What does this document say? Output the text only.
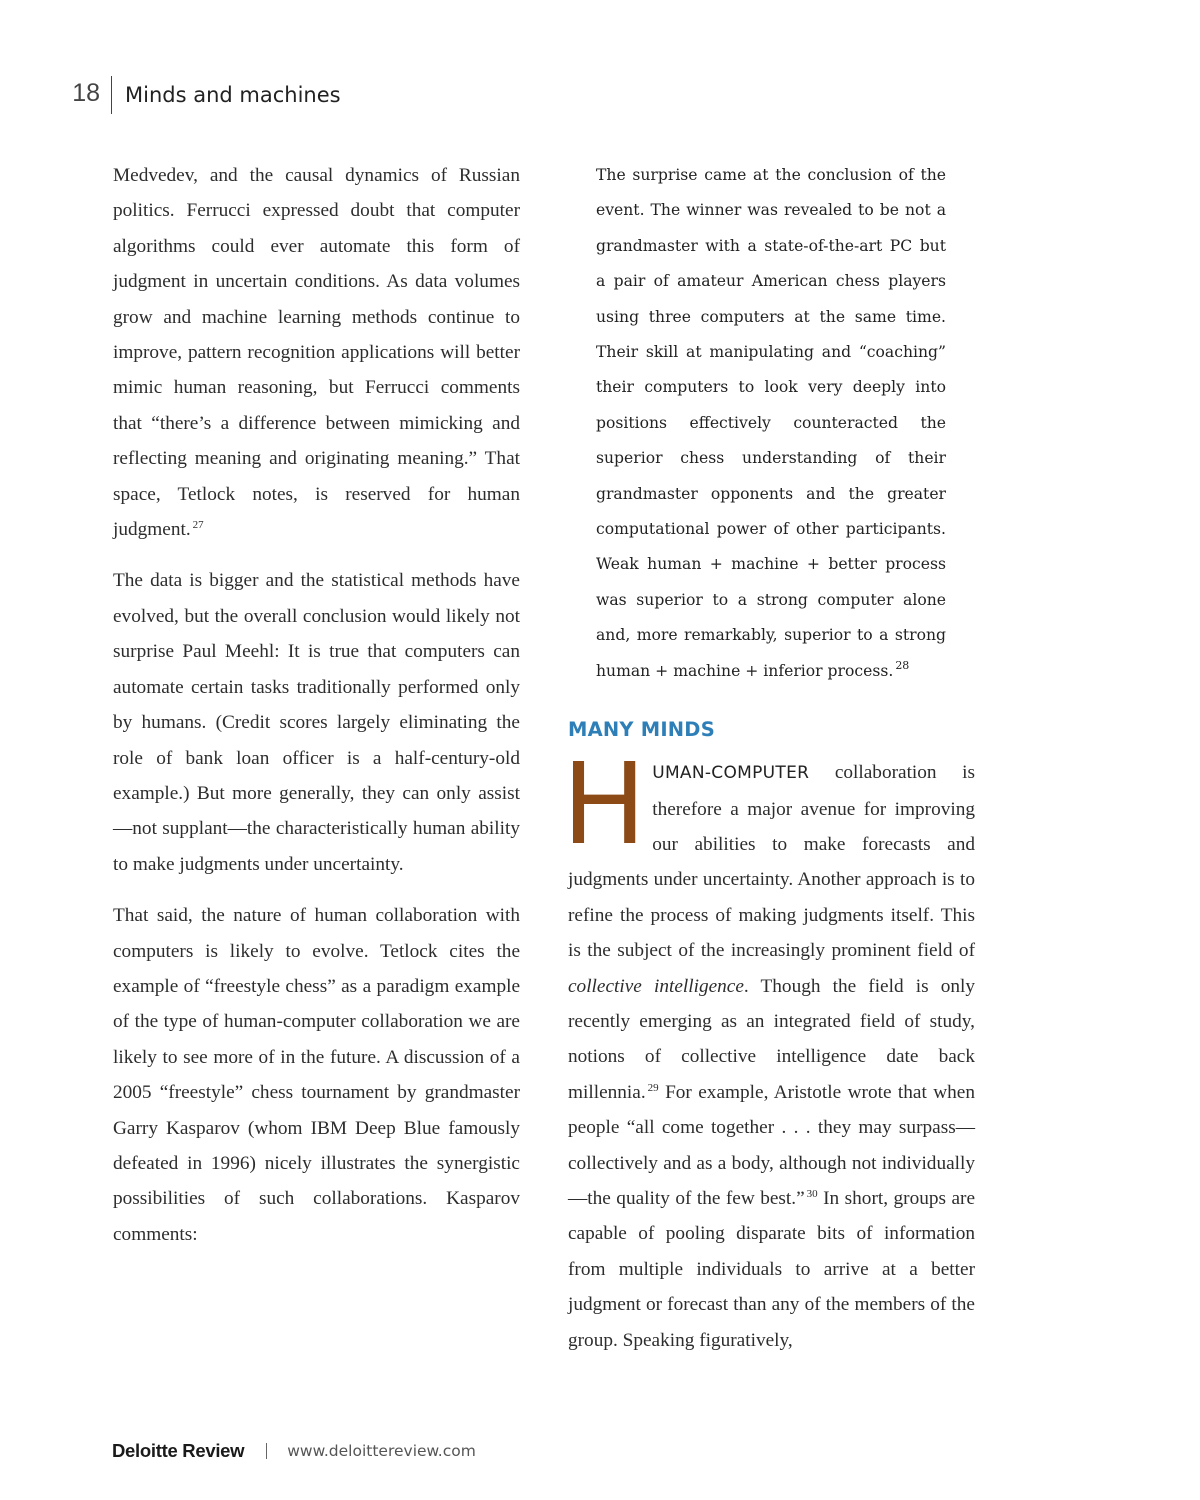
18 Minds and machines

Medvedev, and the causal dynamics of Russian politics. Ferrucci expressed doubt that computer algorithms could ever automate this form of judgment in uncertain conditions. As data volumes grow and machine learning methods continue to improve, pattern recognition applications will better mimic human reasoning, but Ferrucci comments that “there’s a difference between mimicking and reflecting meaning and originating meaning.” That space, Tetlock notes, is reserved for human judgment. $^{27}$

The data is bigger and the statistical methods have evolved, but the overall conclusion would likely not surprise Paul Meehl: It is true that computers can automate certain tasks traditionally performed only by humans. (Credit scores largely eliminating the role of bank loan officer is a half-century-old example.) But more generally, they can only assist—not supplant—the characteristically human ability to make judgments under uncertainty.

That said, the nature of human collaboration with computers is likely to evolve. Tetlock cites the example of “freestyle chess” as a paradigm example of the type of human-computer collaboration we are likely to see more of in the future. A discussion of a 2005 “freestyle” chess tournament by grandmaster Garry Kasparov (whom IBM Deep Blue famously defeated in 1996) nicely illustrates the synergistic possibilities of such collaborations. Kasparov comments:

The surprise came at the conclusion of the event. The winner was revealed to be not a grandmaster with a state-of-the-art PC but a pair of amateur American chess players using three computers at the same time. Their skill at manipulating and “coaching” their computers to look very deeply into positions effectively counteracted the superior chess understanding of their grandmaster opponents and the greater computational power of other participants. Weak human + machine + better process was superior to a strong computer alone and, more remarkably, superior to a strong human + machine + inferior process. $^{28}$
MANY MINDS
H UMAN-COMPUTER collaboration is therefore a major avenue for improving our abilities to make forecasts and judgments under uncertainty. Another approach is to refine the process of making judgments itself. This is the subject of the increasingly prominent field of collective intelligence. Though the field is only recently emerging as an integrated field of study, notions of collective intelligence date back millennia. $^{29}$ For example, Aristotle wrote that when people “all come together . . . they may surpass—collectively and as a body, although not individually—the quality of the few best.” $^{30}$ In short, groups are capable of pooling disparate bits of information from multiple individuals to arrive at a better judgment or forecast than any of the members of the group. Speaking figuratively,

Deloitte Review	www.deloittereview.com
